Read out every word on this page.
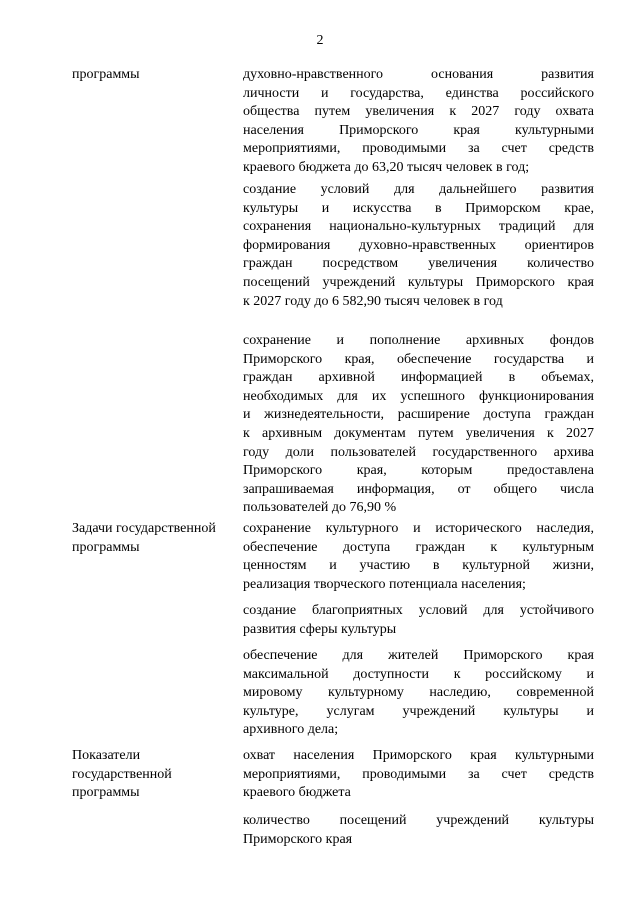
2
программы	духовно-нравственного основания развития
личности и государства, единства российского
общества путем увеличения к 2027 году охвата
населения Приморского края культурными
мероприятиями, проводимыми за счет средств
краевого бюджета до 63,20 тысяч человек в год;
создание условий для дальнейшего развития
культуры и искусства в Приморском крае,
сохранения национально-культурных традиций для
формирования духовно-нравственных ориентиров
граждан посредством увеличения количество
посещений учреждений культуры Приморского края
к 2027 году до 6 582,90 тысяч человек в год
сохранение и пополнение архивных фондов
Приморского края, обеспечение государства и
граждан архивной информацией в объемах,
необходимых для их успешного функционирования
и жизнедеятельности, расширение доступа граждан
к архивным документам путем увеличения к 2027
году доли пользователей государственного архива
Приморского края, которым предоставлена
запрашиваемая информация, от общего числа
пользователей до 76,90 %
Задачи государственной
программы
сохранение культурного и исторического наследия,
обеспечение доступа граждан к культурным
ценностям и участию в культурной жизни,
реализация творческого потенциала населения;
создание благоприятных условий для устойчивого
развития сферы культуры
обеспечение для жителей Приморского края
максимальной доступности к российскому и
мировому культурному наследию, современной
культуре, услугам учреждений культуры и
архивного дела;
Показатели
государственной
программы
охват населения Приморского края культурными
мероприятиями, проводимыми за счет средств
краевого бюджета
количество посещений учреждений культуры
Приморского края
